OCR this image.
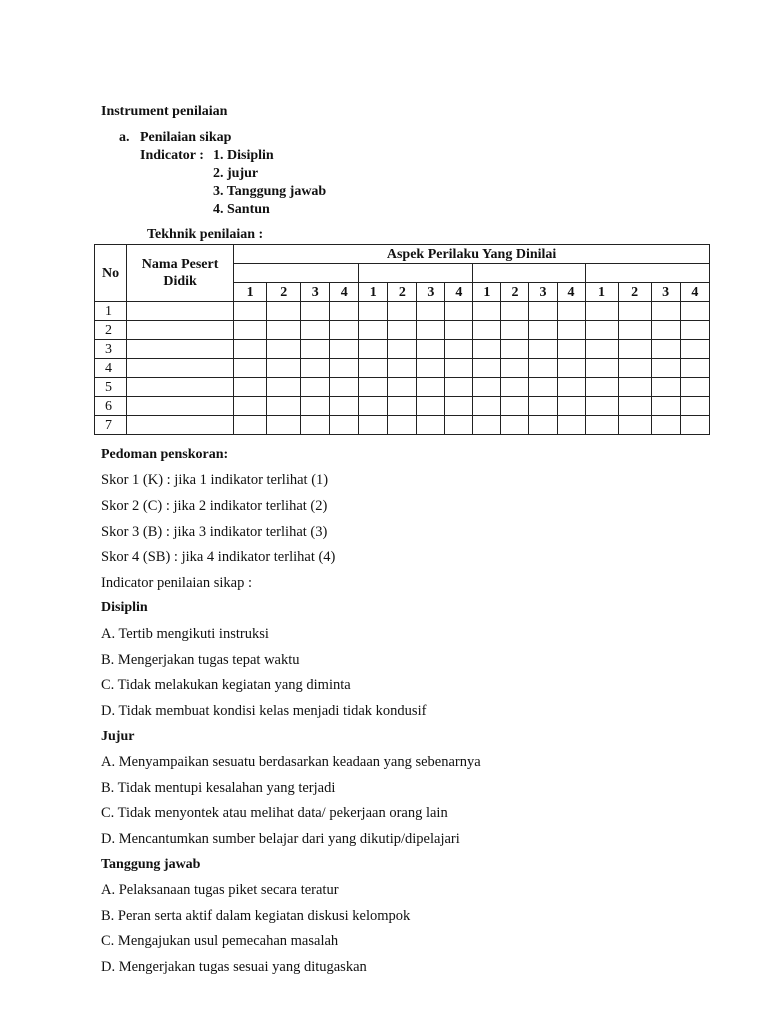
Instrument penilaian
a. Penilaian sikap
Indicator : 1. Disiplin
2. jujur
3. Tanggung jawab
4. Santun
Tekhnik penilaian :
No	Nama Pesert Didik	Aspek Perilaku Yang Dinilai															

		1	2	3	4	1	2	3	4	1	2	3	4	1	2	3	4
1																	
2																	
3																	
4																	
5																	
6																	
7																	
Pedoman penskoran:
Skor 1 (K) : jika 1 indikator terlihat (1)
Skor 2 (C) : jika 2 indikator terlihat (2)
Skor 3 (B) : jika 3 indikator terlihat (3)
Skor 4 (SB) : jika 4 indikator terlihat (4)
Indicator penilaian sikap :
Disiplin
A. Tertib mengikuti instruksi
B. Mengerjakan tugas tepat waktu
C. Tidak melakukan kegiatan yang diminta
D. Tidak membuat kondisi kelas menjadi tidak kondusif
Jujur
A. Menyampaikan sesuatu berdasarkan keadaan yang sebenarnya
B. Tidak mentupi kesalahan yang terjadi
C. Tidak menyontek atau melihat data/ pekerjaan orang lain
D. Mencantumkan sumber belajar dari yang dikutip/dipelajari
Tanggung jawab
A. Pelaksanaan tugas piket secara teratur
B. Peran serta aktif dalam kegiatan diskusi kelompok
C. Mengajukan usul pemecahan masalah
D. Mengerjakan tugas sesuai yang ditugaskan
